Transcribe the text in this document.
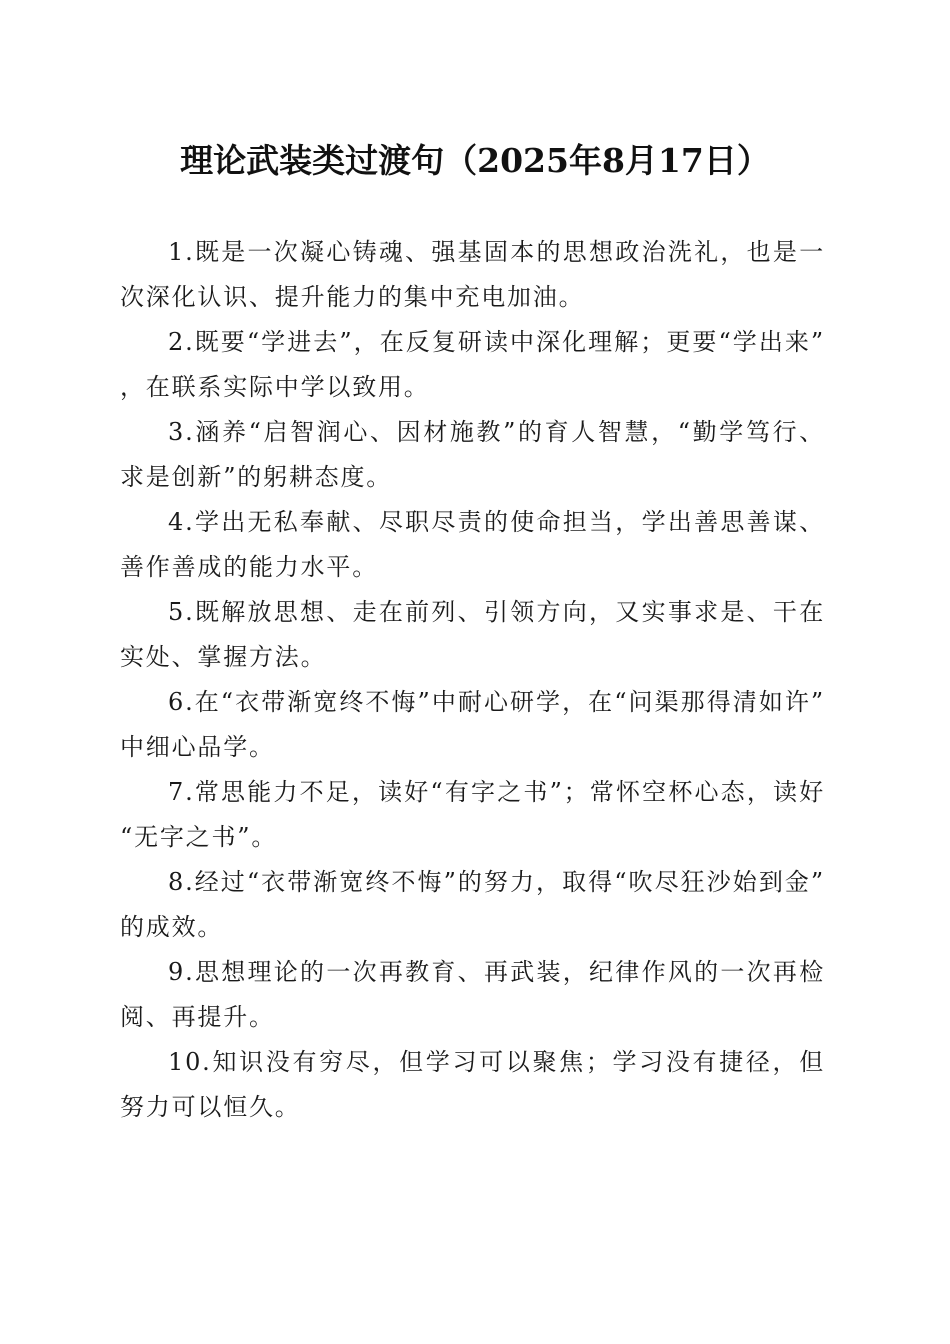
理论武装类过渡句（2025年8月17日）

1.既是一次凝心铸魂、强基固本的思想政治洗礼，也是一次深化认识、提升能力的集中充电加油。

2.既要“学进去”，在反复研读中深化理解；更要“学出来”，在联系实际中学以致用。

3.涵养“启智润心、因材施教”的育人智慧，“勤学笃行、求是创新”的躬耕态度。

4.学出无私奉献、尽职尽责的使命担当，学出善思善谋、善作善成的能力水平。

5.既解放思想、走在前列、引领方向，又实事求是、干在实处、掌握方法。

6.在“衣带渐宽终不悔”中耐心研学，在“问渠那得清如许”中细心品学。

7.常思能力不足，读好“有字之书”；常怀空杯心态，读好“无字之书”。

8.经过“衣带渐宽终不悔”的努力，取得“吹尽狂沙始到金”的成效。

9.思想理论的一次再教育、再武装，纪律作风的一次再检阅、再提升。

10.知识没有穷尽，但学习可以聚焦；学习没有捷径，但努力可以恒久。
